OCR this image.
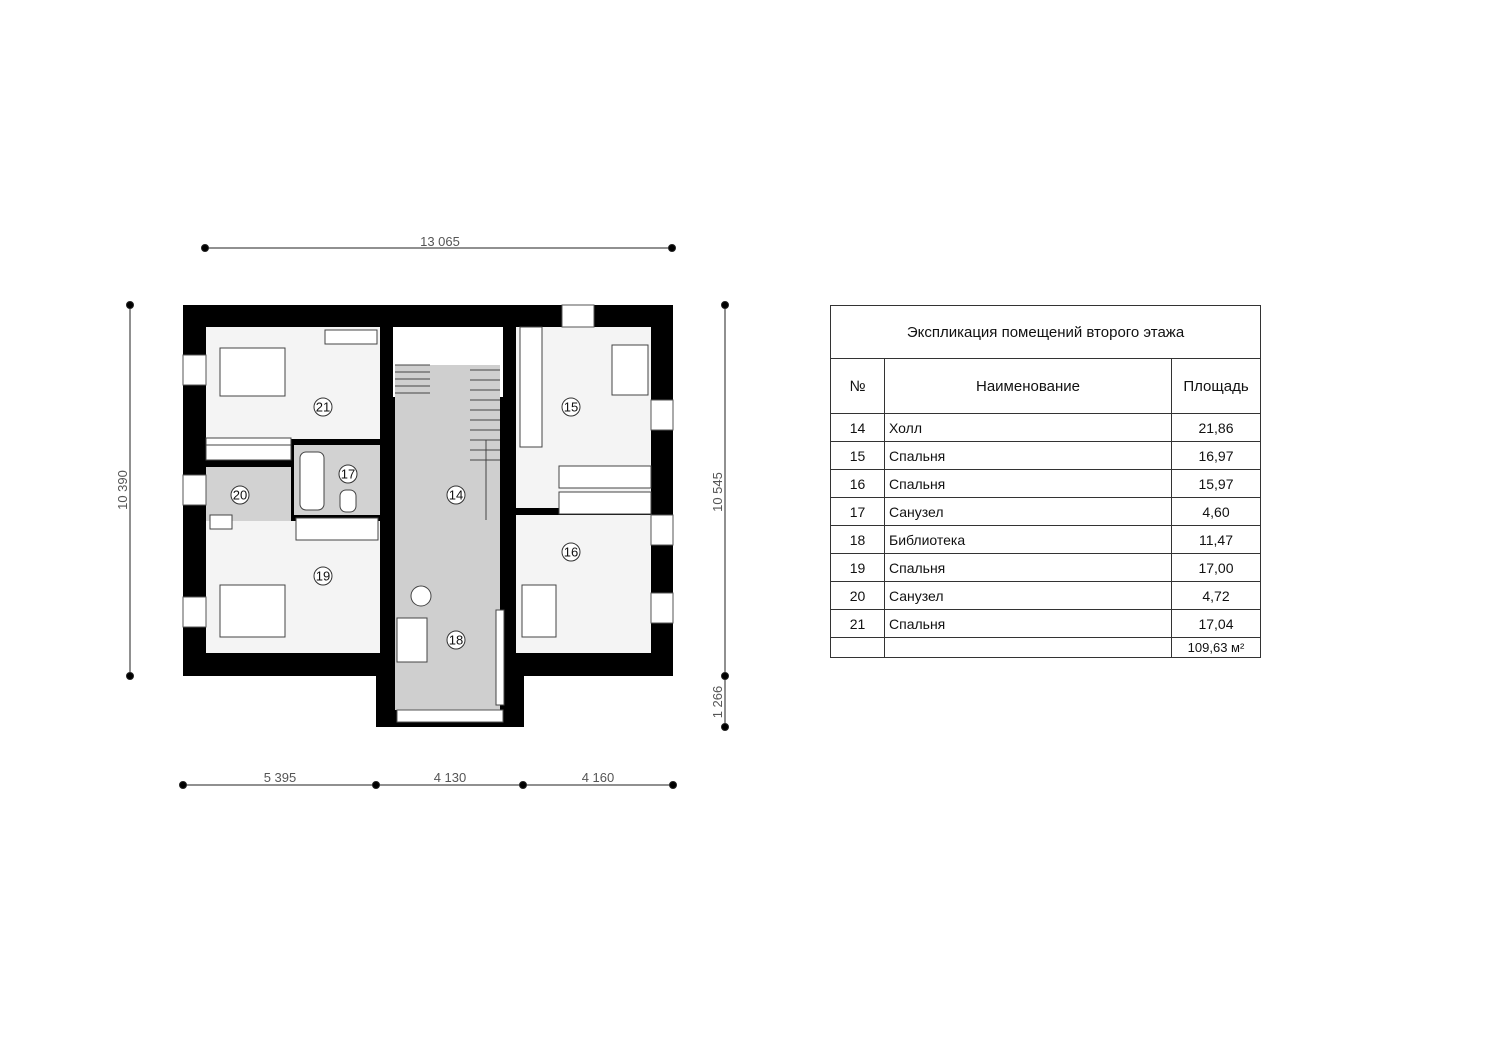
13 065
10 390	10 545
1 266
5 395	4 130	4 160
21
17
20
19
14
18
15
16
Экспликация помещений второго этажа		
№	Наименование	Площадь
14	Холл	21,86
15	Спальня	16,97
16	Спальня	15,97
17	Санузел	4,60
18	Библиотека	11,47
19	Спальня	17,00
20	Санузел	4,72
21	Спальня	17,04
		109,63 м²
